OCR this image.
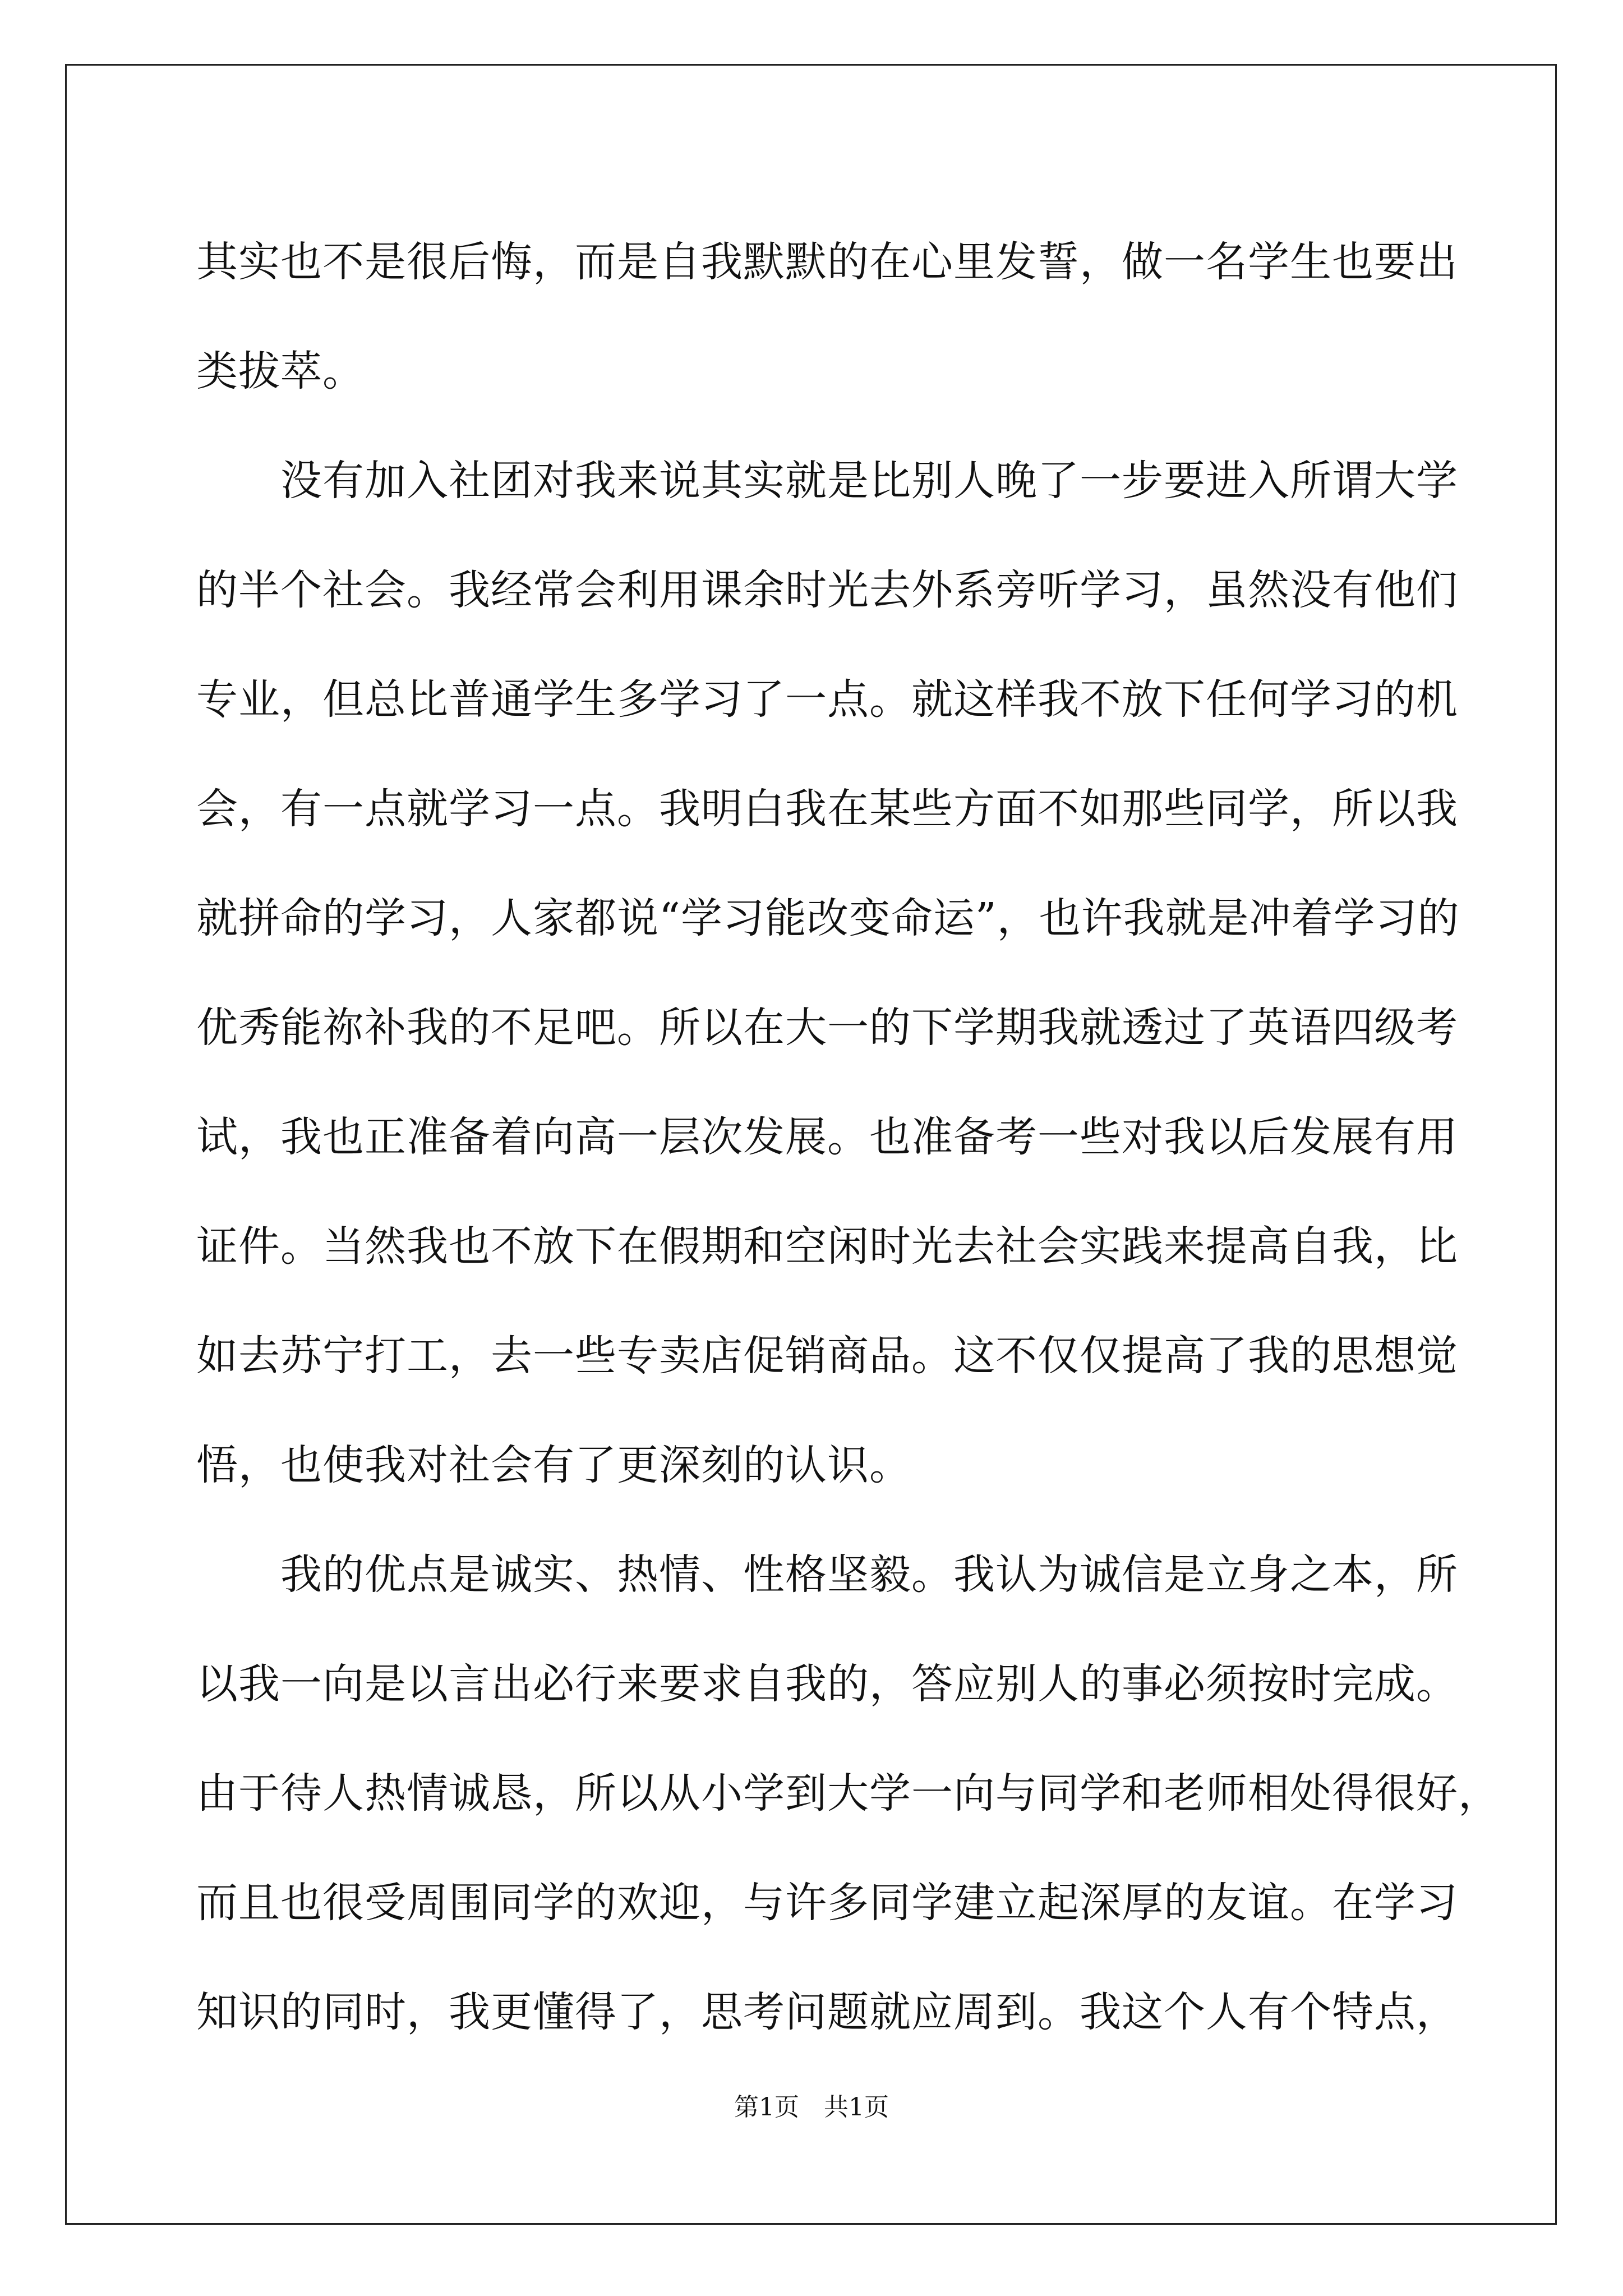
其实也不是很后悔，而是自我默默的在心里发誓，做一名学生也要出
类拔萃。
　　没有加入社团对我来说其实就是比别人晚了一步要进入所谓大学
的半个社会。我经常会利用课余时光去外系旁听学习，虽然没有他们
专业，但总比普通学生多学习了一点。就这样我不放下任何学习的机
会，有一点就学习一点。我明白我在某些方面不如那些同学，所以我
就拼命的学习，人家都说“学习能改变命运”，也许我就是冲着学习的
优秀能祢补我的不足吧。所以在大一的下学期我就透过了英语四级考
试，我也正准备着向高一层次发展。也准备考一些对我以后发展有用
证件。当然我也不放下在假期和空闲时光去社会实践来提高自我，比
如去苏宁打工，去一些专卖店促销商品。这不仅仅提高了我的思想觉
悟，也使我对社会有了更深刻的认识。
　　我的优点是诚实、热情、性格坚毅。我认为诚信是立身之本，所
以我一向是以言出必行来要求自我的，答应别人的事必须按时完成。
由于待人热情诚恳，所以从小学到大学一向与同学和老师相处得很好，
而且也很受周围同学的欢迎，与许多同学建立起深厚的友谊。在学习
知识的同时，我更懂得了，思考问题就应周到。我这个人有个特点，
第1页　共1页
